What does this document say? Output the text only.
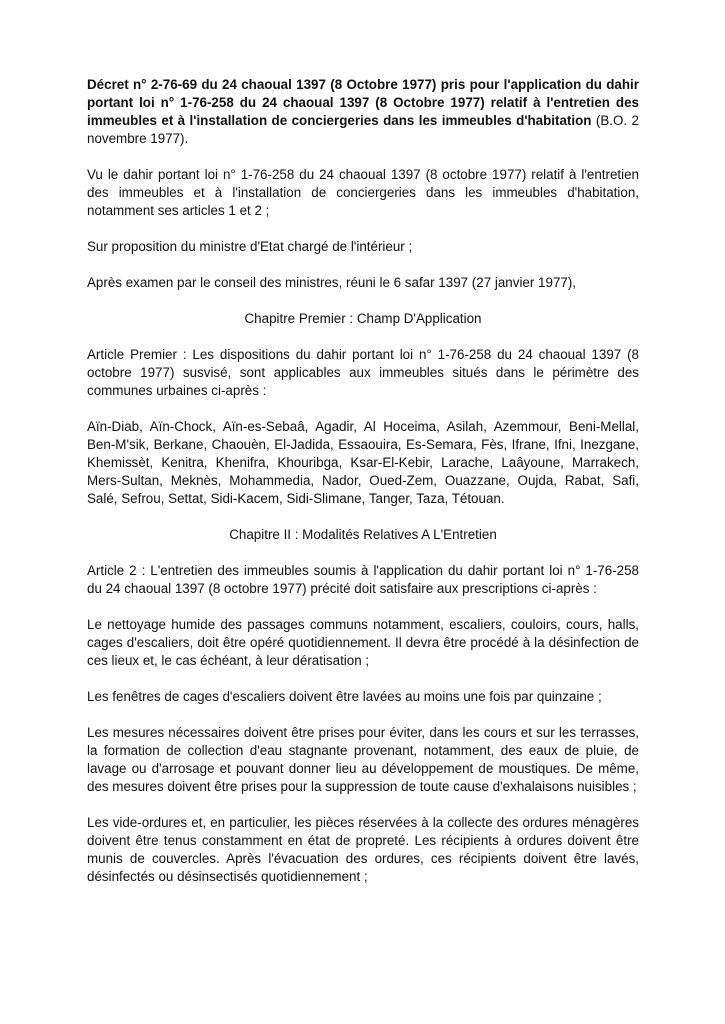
Décret n° 2-76-69 du 24 chaoual 1397 (8 Octobre 1977) pris pour l'application du dahir portant loi n° 1-76-258 du 24 chaoual 1397 (8 Octobre 1977) relatif à l'entretien des immeubles et à l'installation de conciergeries dans les immeubles d'habitation (B.O. 2 novembre 1977).

Vu le dahir portant loi n° 1-76-258 du 24 chaoual 1397 (8 octobre 1977) relatif à l'entretien des immeubles et à l'installation de conciergeries dans les immeubles d'habitation, notamment ses articles 1 et 2 ;

Sur proposition du ministre d'Etat chargé de l'intérieur ;

Après examen par le conseil des ministres, réuni le 6 safar 1397 (27 janvier 1977),

Chapitre Premier : Champ D'Application

Article Premier : Les dispositions du dahir portant loi n° 1-76-258 du 24 chaoual 1397 (8 octobre 1977) susvisé, sont applicables aux immeubles situés dans le périmètre des communes urbaines ci-après :

Aïn-Diab, Aïn-Chock, Aïn-es-Sebaâ, Agadir, Al Hoceima, Asilah, Azemmour, Beni-Mellal, Ben-M'sik, Berkane, Chaouèn, El-Jadida, Essaouira, Es-Semara, Fès, Ifrane, Ifni, Inezgane, Khemissèt, Kenitra, Khenifra, Khouribga, Ksar-El-Kebir, Larache, Laâyoune, Marrakech, Mers-Sultan, Meknès, Mohammedia, Nador, Oued-Zem, Ouazzane, Oujda, Rabat, Safi, Salé, Sefrou, Settat, Sidi-Kacem, Sidi-Slimane, Tanger, Taza, Tétouan.

Chapitre II : Modalités Relatives A L'Entretien

Article 2 : L'entretien des immeubles soumis à l'application du dahir portant loi n° 1-76-258 du 24 chaoual 1397 (8 octobre 1977) précité doit satisfaire aux prescriptions ci-après :

Le nettoyage humide des passages communs notamment, escaliers, couloirs, cours, halls, cages d'escaliers, doit être opéré quotidiennement. Il devra être procédé à la désinfection de ces lieux et, le cas échéant, à leur dératisation ;

Les fenêtres de cages d'escaliers doivent être lavées au moins une fois par quinzaine ;

Les mesures nécessaires doivent être prises pour éviter, dans les cours et sur les terrasses, la formation de collection d'eau stagnante provenant, notamment, des eaux de pluie, de lavage ou d'arrosage et pouvant donner lieu au développement de moustiques. De même, des mesures doivent être prises pour la suppression de toute cause d'exhalaisons nuisibles ;

Les vide-ordures et, en particulier, les pièces réservées à la collecte des ordures ménagères doivent être tenus constamment en état de propreté. Les récipients à ordures doivent être munis de couvercles. Après l'évacuation des ordures, ces récipients doivent être lavés, désinfectés ou désinsectisés quotidiennement ;
